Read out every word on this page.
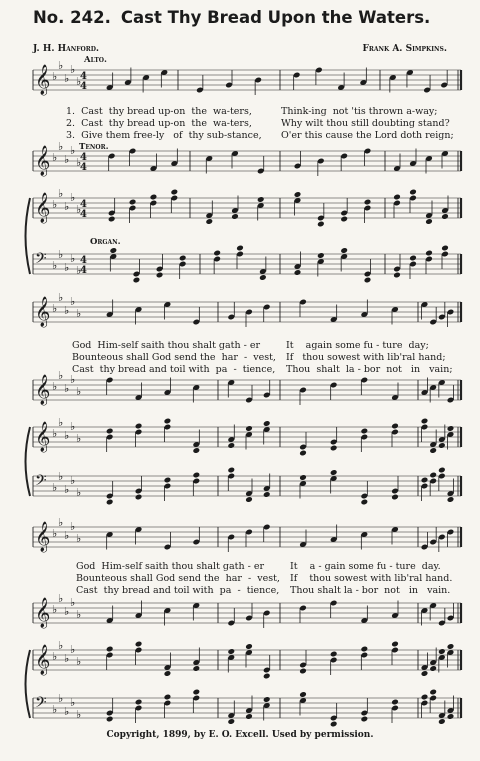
No. 242. Cast Thy Bread Upon the Waters.
J. H. Hanford.	Frank A. Simpkins.
Alto.
Tenor.
Organ.
𝄞 ♭
♭
♭
♭
♭
4
4
𝄞 ♭
♭
♭
♭
♭
4
4
𝄞 ♭
♭
♭
♭
♭
4
4
𝄢 ♭
♭
♭
♭
♭
4
4
𝄞 ♭
♭
♭
♭
♭
𝄞 ♭
♭
♭
♭
♭
𝄞 ♭
♭
♭
♭
♭
𝄢 ♭
♭
♭
♭
♭
𝄞 ♭
♭
♭
♭
♭
𝄞 ♭
♭
♭
♭
♭
𝄞 ♭
♭
♭
♭
♭
𝄢 ♭
♭
♭
♭
♭
1.  Cast  thy bread up-on  the  wa-ters,	Think-ing  not 'tis thrown a-way;
2.  Cast  thy bread up-on  the  wa-ters,	Why wilt thou still doubting stand?
3.  Give them free-ly   of  thy sub-stance, O'er this cause the Lord doth reign;
God  Him-self saith thou shalt gath - er	It    again some fu - ture  day;
Bounteous shall God send the  har  -  vest, If   thou sowest with lib'ral hand;
Cast  thy bread and toil with  pa  -  tience, Thou  shalt  la - bor  not   in   vain;
God  Him-self saith thou shalt gath - er	It    a - gain some fu - ture  day.
Bounteous shall God send the  har  -  vest, If    thou sowest with lib'ral hand.
Cast  thy bread and toil with  pa  -  tience, Thou shalt la - bor  not   in   vain.
Copyright, 1899, by E. O. Excell. Used by permission.
